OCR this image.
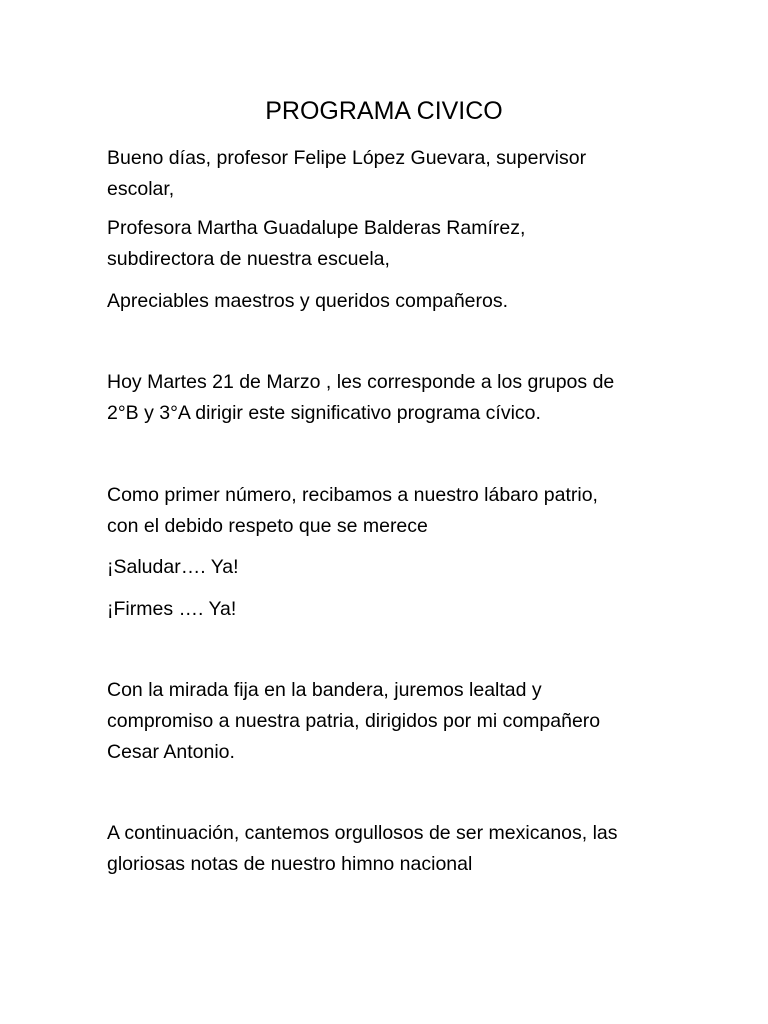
PROGRAMA CIVICO

Bueno días, profesor Felipe López Guevara, supervisor
escolar,

Profesora Martha Guadalupe Balderas Ramírez,
subdirectora de nuestra escuela,

Apreciables maestros y queridos compañeros.

Hoy Martes 21 de Marzo , les corresponde a los grupos de
2°B y 3°A dirigir este significativo programa cívico.

Como primer número, recibamos a nuestro lábaro patrio,
con el debido respeto que se merece

¡Saludar…. Ya!

¡Firmes …. Ya!

Con la mirada fija en la bandera, juremos lealtad y
compromiso a nuestra patria, dirigidos por mi compañero
Cesar Antonio.

A continuación, cantemos orgullosos de ser mexicanos, las
gloriosas notas de nuestro himno nacional
